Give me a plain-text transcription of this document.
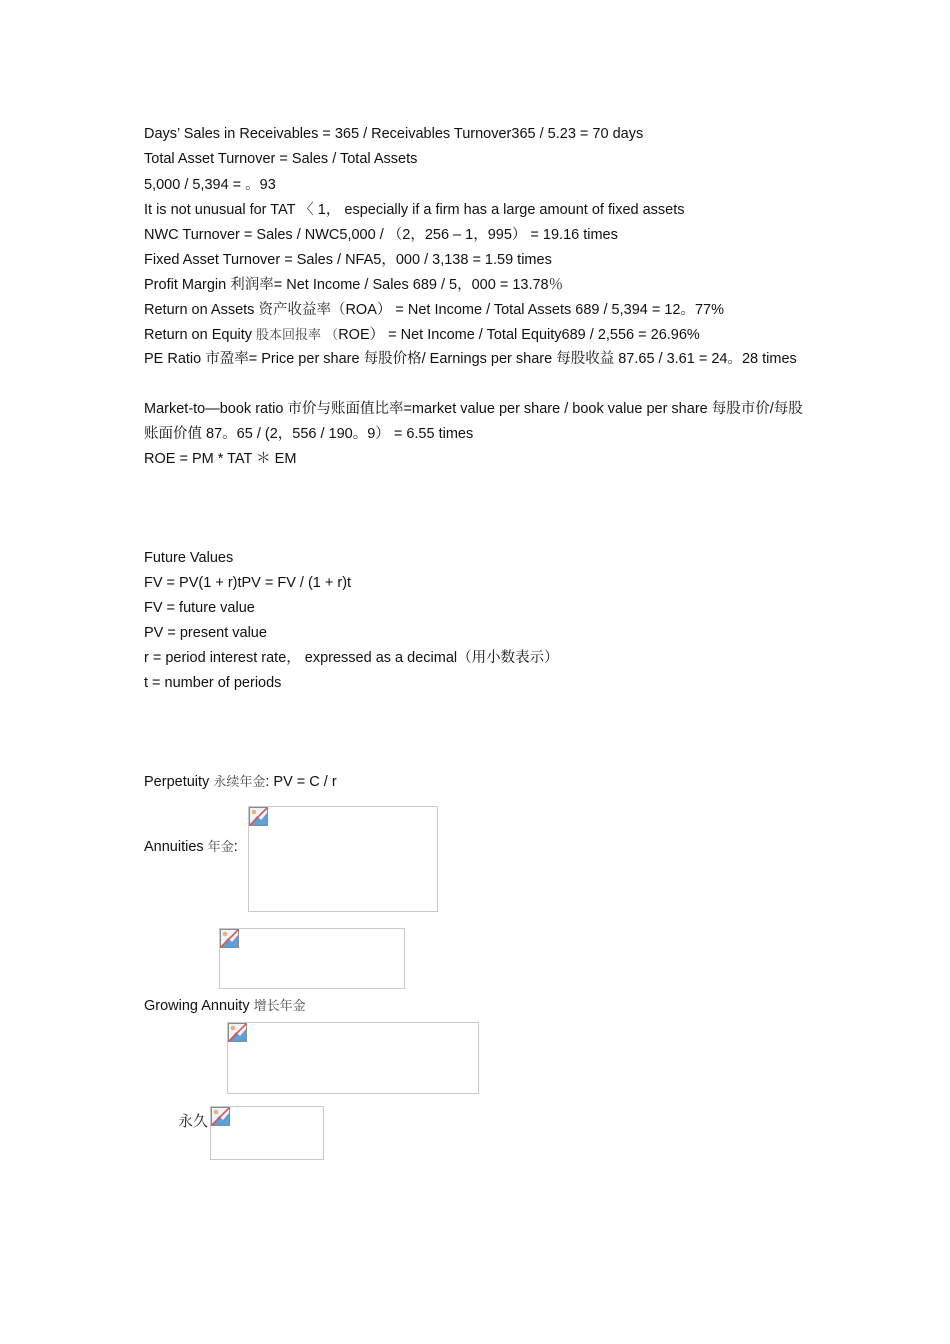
Days’ Sales in Receivables = 365 / Receivables Turnover365 / 5.23 = 70 days
Total Asset Turnover = Sales / Total Assets
5,000 / 5,394 = 。93
It is not unusual for TAT 〈 1， especially if a firm has a large amount of fixed assets
NWC Turnover = Sales / NWC5,000 / （2，256 – 1，995） = 19.16 times
Fixed Asset Turnover = Sales / NFA5，000 / 3,138 = 1.59 times
Profit Margin 利润率= Net Income / Sales 689 / 5，000 = 13.78％
Return on Assets 资产收益率（ROA） = Net Income / Total Assets 689 / 5,394 = 12。77%
Return on Equity 股本回报率 （ROE） = Net Income / Total Equity689 / 2,556 = 26.96%
PE Ratio 市盈率= Price per share 每股价格/ Earnings per share 每股收益 87.65 / 3.61 = 24。28 times
Market-to—book ratio 市价与账面值比率=market value per share / book value per share 每股市价/每股账面价值 87。65 / (2，556 / 190。9） = 6.55 times
ROE = PM * TAT ＊ EM
Future Values
FV = PV(1 + r)tPV = FV / (1 + r)t
FV = future value
PV = present value
r = period interest rate， expressed as a decimal（用小数表示）
t = number of periods
Perpetuity 永续年金: PV = C / r
Annuities 年金:
Growing Annuity 增长年金
永久
